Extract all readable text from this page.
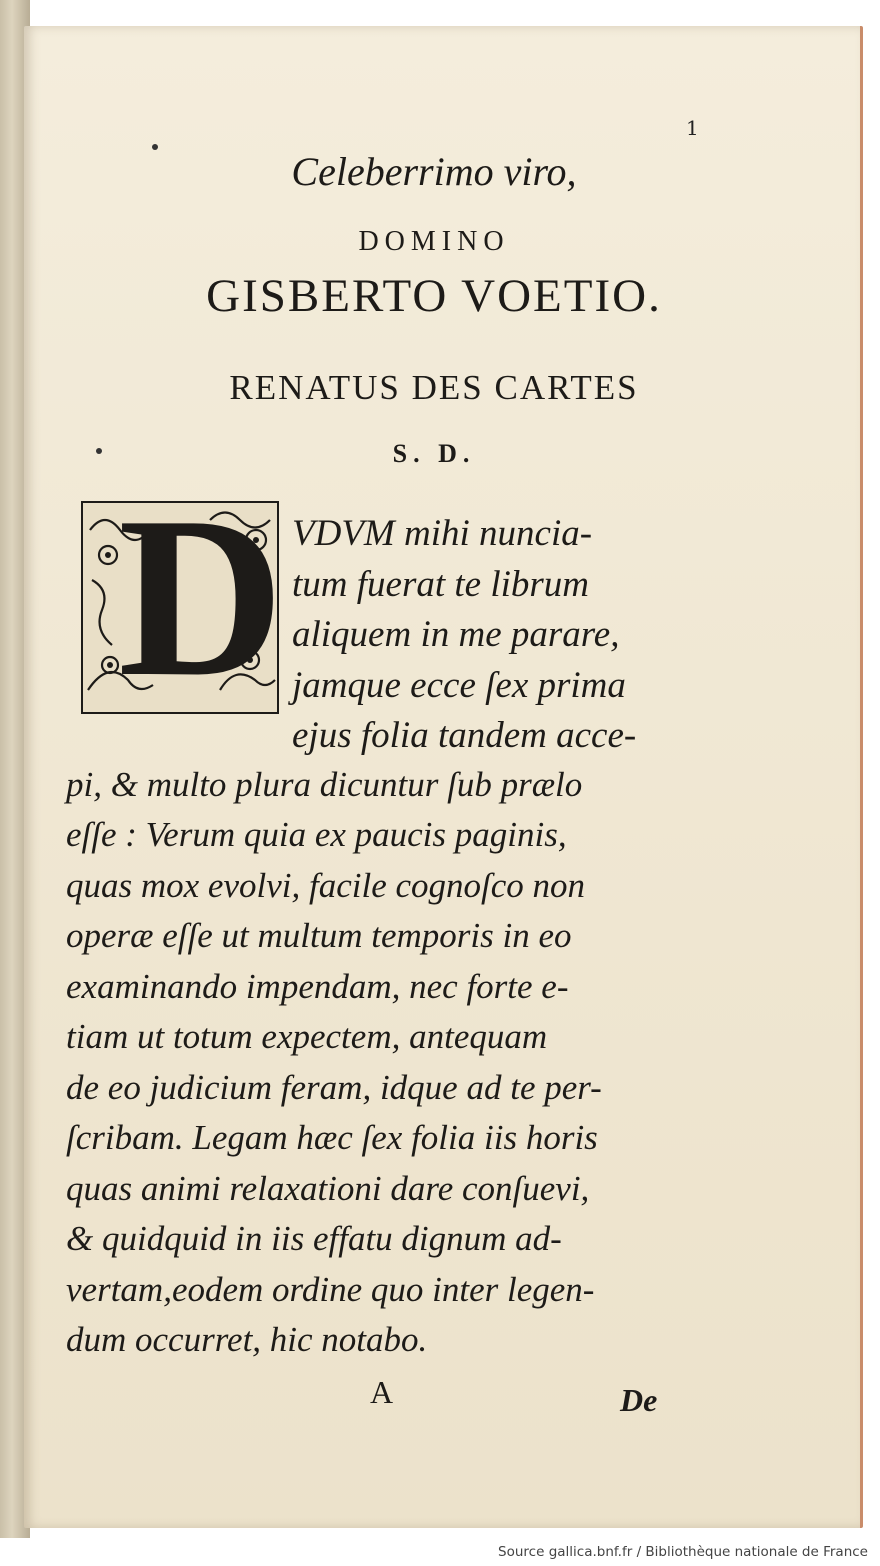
1
Celeberrimo viro,
DOMINO
GISBERTO VOETIO.
RENATUS DES CARTES
S. D.
D VDVM mihi nuncia-
tum fuerat te librum
aliquem in me parare,
jamque ecce ſex prima
ejus folia tandem acce-
pi, & multo plura dicuntur ſub prælo
eſſe : Verum quia ex paucis paginis,
quas mox evolvi, facile cognoſco non
operæ eſſe ut multum temporis in eo
examinando impendam, nec forte e-
tiam ut totum expectem, antequam
de eo judicium feram, idque ad te per-
ſcribam. Legam hæc ſex folia iis horis
quas animi relaxationi dare conſuevi,
& quidquid in iis effatu dignum ad-
vertam,eodem ordine quo inter legen-
dum occurret, hic notabo.
A	De
Source gallica.bnf.fr / Bibliothèque nationale de France
